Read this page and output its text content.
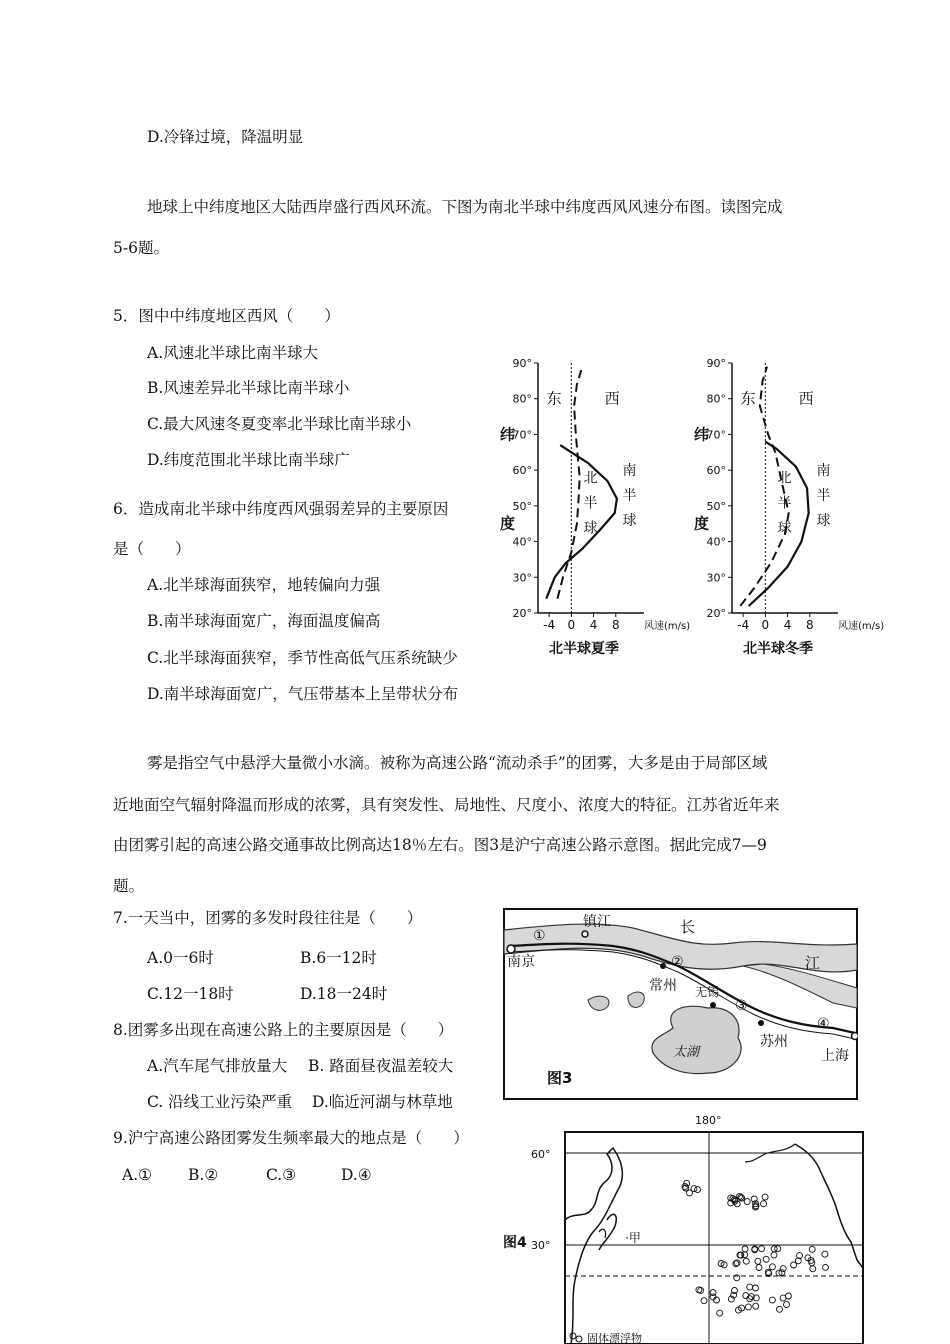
D.冷锋过境，降温明显
地球上中纬度地区大陆西岸盛行西风环流。下图为南北半球中纬度西风风速分布图。读图完成
5-6题。
5．图中中纬度地区西风（　　）
A.风速北半球比南半球大
B.风速差异北半球比南半球小
C.最大风速冬夏变率北半球比南半球小
D.纬度范围北半球比南半球广
6．造成南北半球中纬度西风强弱差异的主要原因
是（　　）
A.北半球海面狭窄，地转偏向力强
B.南半球海面宽广，海面温度偏高
C.北半球海面狭窄，季节性高低气压系统缺少
D.南半球海面宽广，气压带基本上呈带状分布
雾是指空气中悬浮大量微小水滴。被称为高速公路“流动杀手”的团雾，大多是由于局部区域
近地面空气辐射降温而形成的浓雾，具有突发性、局地性、尺度小、浓度大的特征。江苏省近年来
由团雾引起的高速公路交通事故比例高达18％左右。图3是沪宁高速公路示意图。据此完成7—9
题。
7.一天当中，团雾的多发时段往往是（　　）
A.0一6时	B.6一12时
C.12一18时	D.18一24时
8.团雾多出现在高速公路上的主要原因是（　　）
A.汽车尾气排放量大 B. 路面昼夜温差较大
C. 沿线工业污染严重 D.临近河湖与林草地
9.沪宁高速公路团雾发生频率最大的地点是（　　）
A.① B.②	C.③	D.④
20°
30°
40°
50°
60°
70°
80°
90°
-4 0 4 8 风速(m/s)
纬
度
东	西
北
半
球
南
半
球
北半球夏季
20°
30°
40°
50°
60°
70°
80°
90°
-4 0 4 8 风速(m/s)
纬
度
东	西
北
半
球
南
半
球
北半球冬季
镇江
南京
常州 无锡
苏州
上海
长
江
太湖
①
②
③
④
图3
180°
60°
30°
·甲
图4
固体漂浮物
